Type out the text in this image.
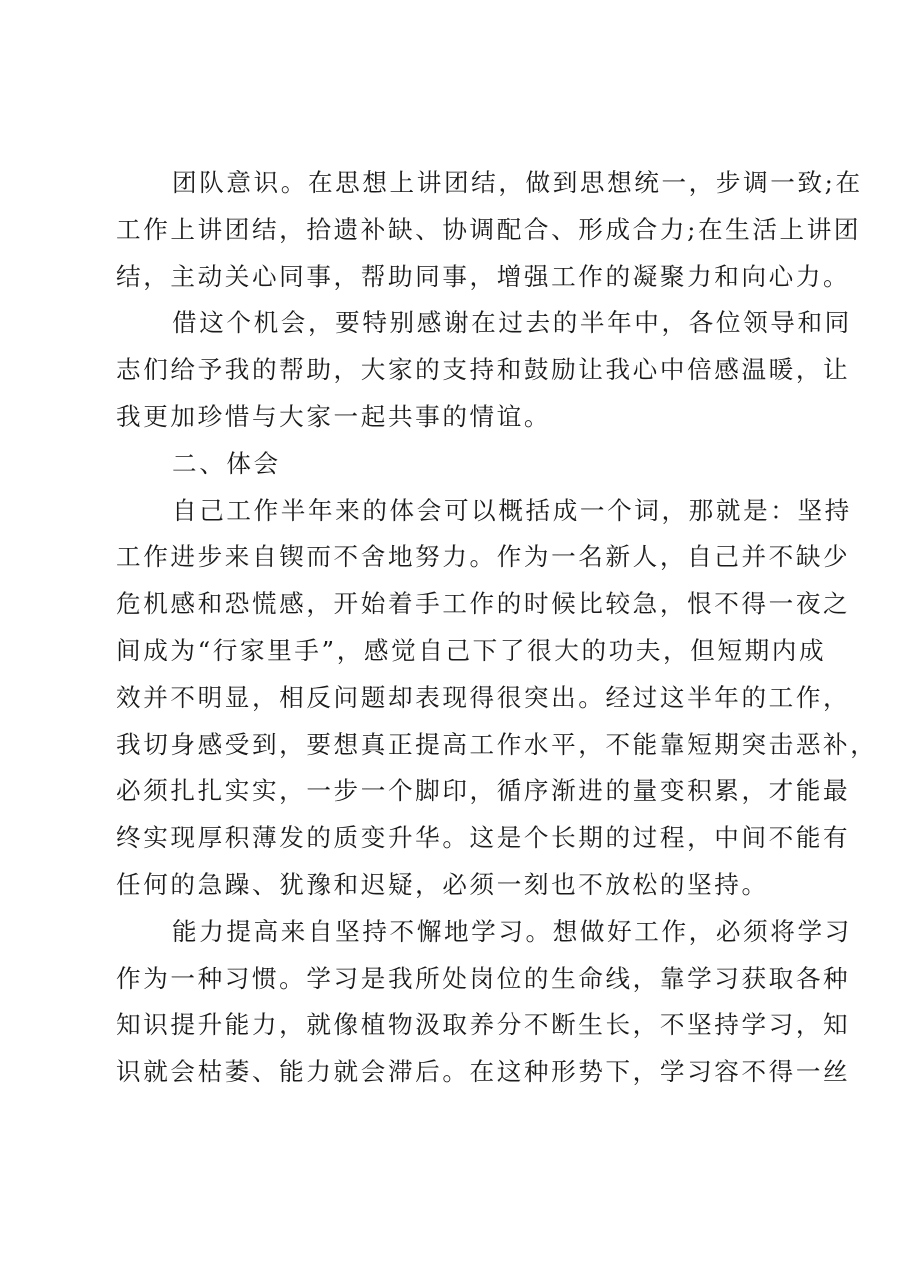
团队意识。在思想上讲团结，做到思想统一，步调一致;在
工作上讲团结，拾遗补缺、协调配合、形成合力;在生活上讲团
结，主动关心同事，帮助同事，增强工作的凝聚力和向心力。
借这个机会，要特别感谢在过去的半年中，各位领导和同
志们给予我的帮助，大家的支持和鼓励让我心中倍感温暖，让
我更加珍惜与大家一起共事的情谊。
二、体会
自己工作半年来的体会可以概括成一个词，那就是：坚持
工作进步来自锲而不舍地努力。作为一名新人，自己并不缺少
危机感和恐慌感，开始着手工作的时候比较急，恨不得一夜之
间成为“行家里手”，感觉自己下了很大的功夫，但短期内成
效并不明显，相反问题却表现得很突出。经过这半年的工作，
我切身感受到，要想真正提高工作水平，不能靠短期突击恶补，
必须扎扎实实，一步一个脚印，循序渐进的量变积累，才能最
终实现厚积薄发的质变升华。这是个长期的过程，中间不能有
任何的急躁、犹豫和迟疑，必须一刻也不放松的坚持。
能力提高来自坚持不懈地学习。想做好工作，必须将学习
作为一种习惯。学习是我所处岗位的生命线，靠学习获取各种
知识提升能力，就像植物汲取养分不断生长，不坚持学习，知
识就会枯萎、能力就会滞后。在这种形势下，学习容不得一丝
